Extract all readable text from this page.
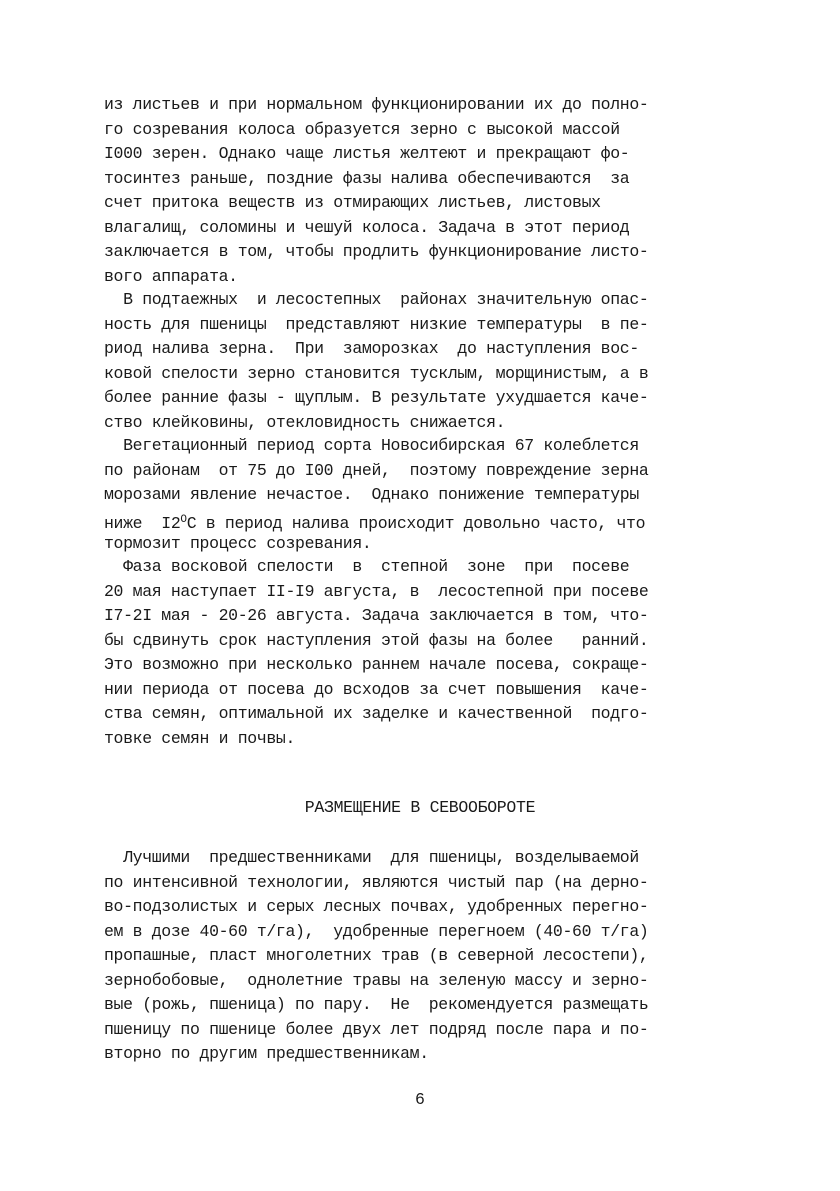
из листьев и при нормальном функционировании их до полно-
го созревания колоса образуется зерно с высокой массой
I000 зерен. Однако чаще листья желтеют и прекращают фо-
тосинтез раньше, поздние фазы налива обеспечиваются  за
счет притока веществ из отмирающих листьев, листовых
влагалищ, соломины и чешуй колоса. Задача в этот период
заключается в том, чтобы продлить функционирование листо-
вого аппарата.

В подтаежных  и лесостепных  районах значительную опас-
ность для пшеницы  представляют низкие температуры  в пе-
риод налива зерна.  При  заморозках  до наступления вос-
ковой спелости зерно становится тусклым, морщинистым, а в
более ранние фазы - щуплым. В результате ухудшается каче-
ство клейковины, отекловидность снижается.

Вегетационный период сорта Новосибирская 67 колеблется
по районам  от 75 до I00 дней,  поэтому повреждение зерна
морозами явление нечастое.  Однако понижение температуры
ниже  $I2^OC$ в период налива происходит довольно часто, что
тормозит процесс созревания.

Фаза восковой спелости  в  степной  зоне  при  посеве
20 мая наступает II-I9 августа, в  лесостепной при посеве
I7-2I мая - 20-26 августа. Задача заключается в том, что-
бы сдвинуть срок наступления этой фазы на более   ранний.
Это возможно при несколько раннем начале посева, сокраще-
нии периода от посева до всходов за счет повышения  каче-
ства семян, оптимальной их заделке и качественной  подго-
товке семян и почвы.

РАЗМЕЩЕНИЕ В СЕВООБОРОТЕ

Лучшими  предшественниками  для пшеницы, возделываемой
по интенсивной технологии, являются чистый пар (на дерно-
во-подзолистых и серых лесных почвах, удобренных перегно-
ем в дозе 40-60 т/га),  удобренные перегноем (40-60 т/га)
пропашные, пласт многолетних трав (в северной лесостепи),
зернобобовые,  однолетние травы на зеленую массу и зерно-
вые (рожь, пшеница) по пару.  Не  рекомендуется размещать
пшеницу по пшенице более двух лет подряд после пара и по-
вторно по другим предшественникам.

6
